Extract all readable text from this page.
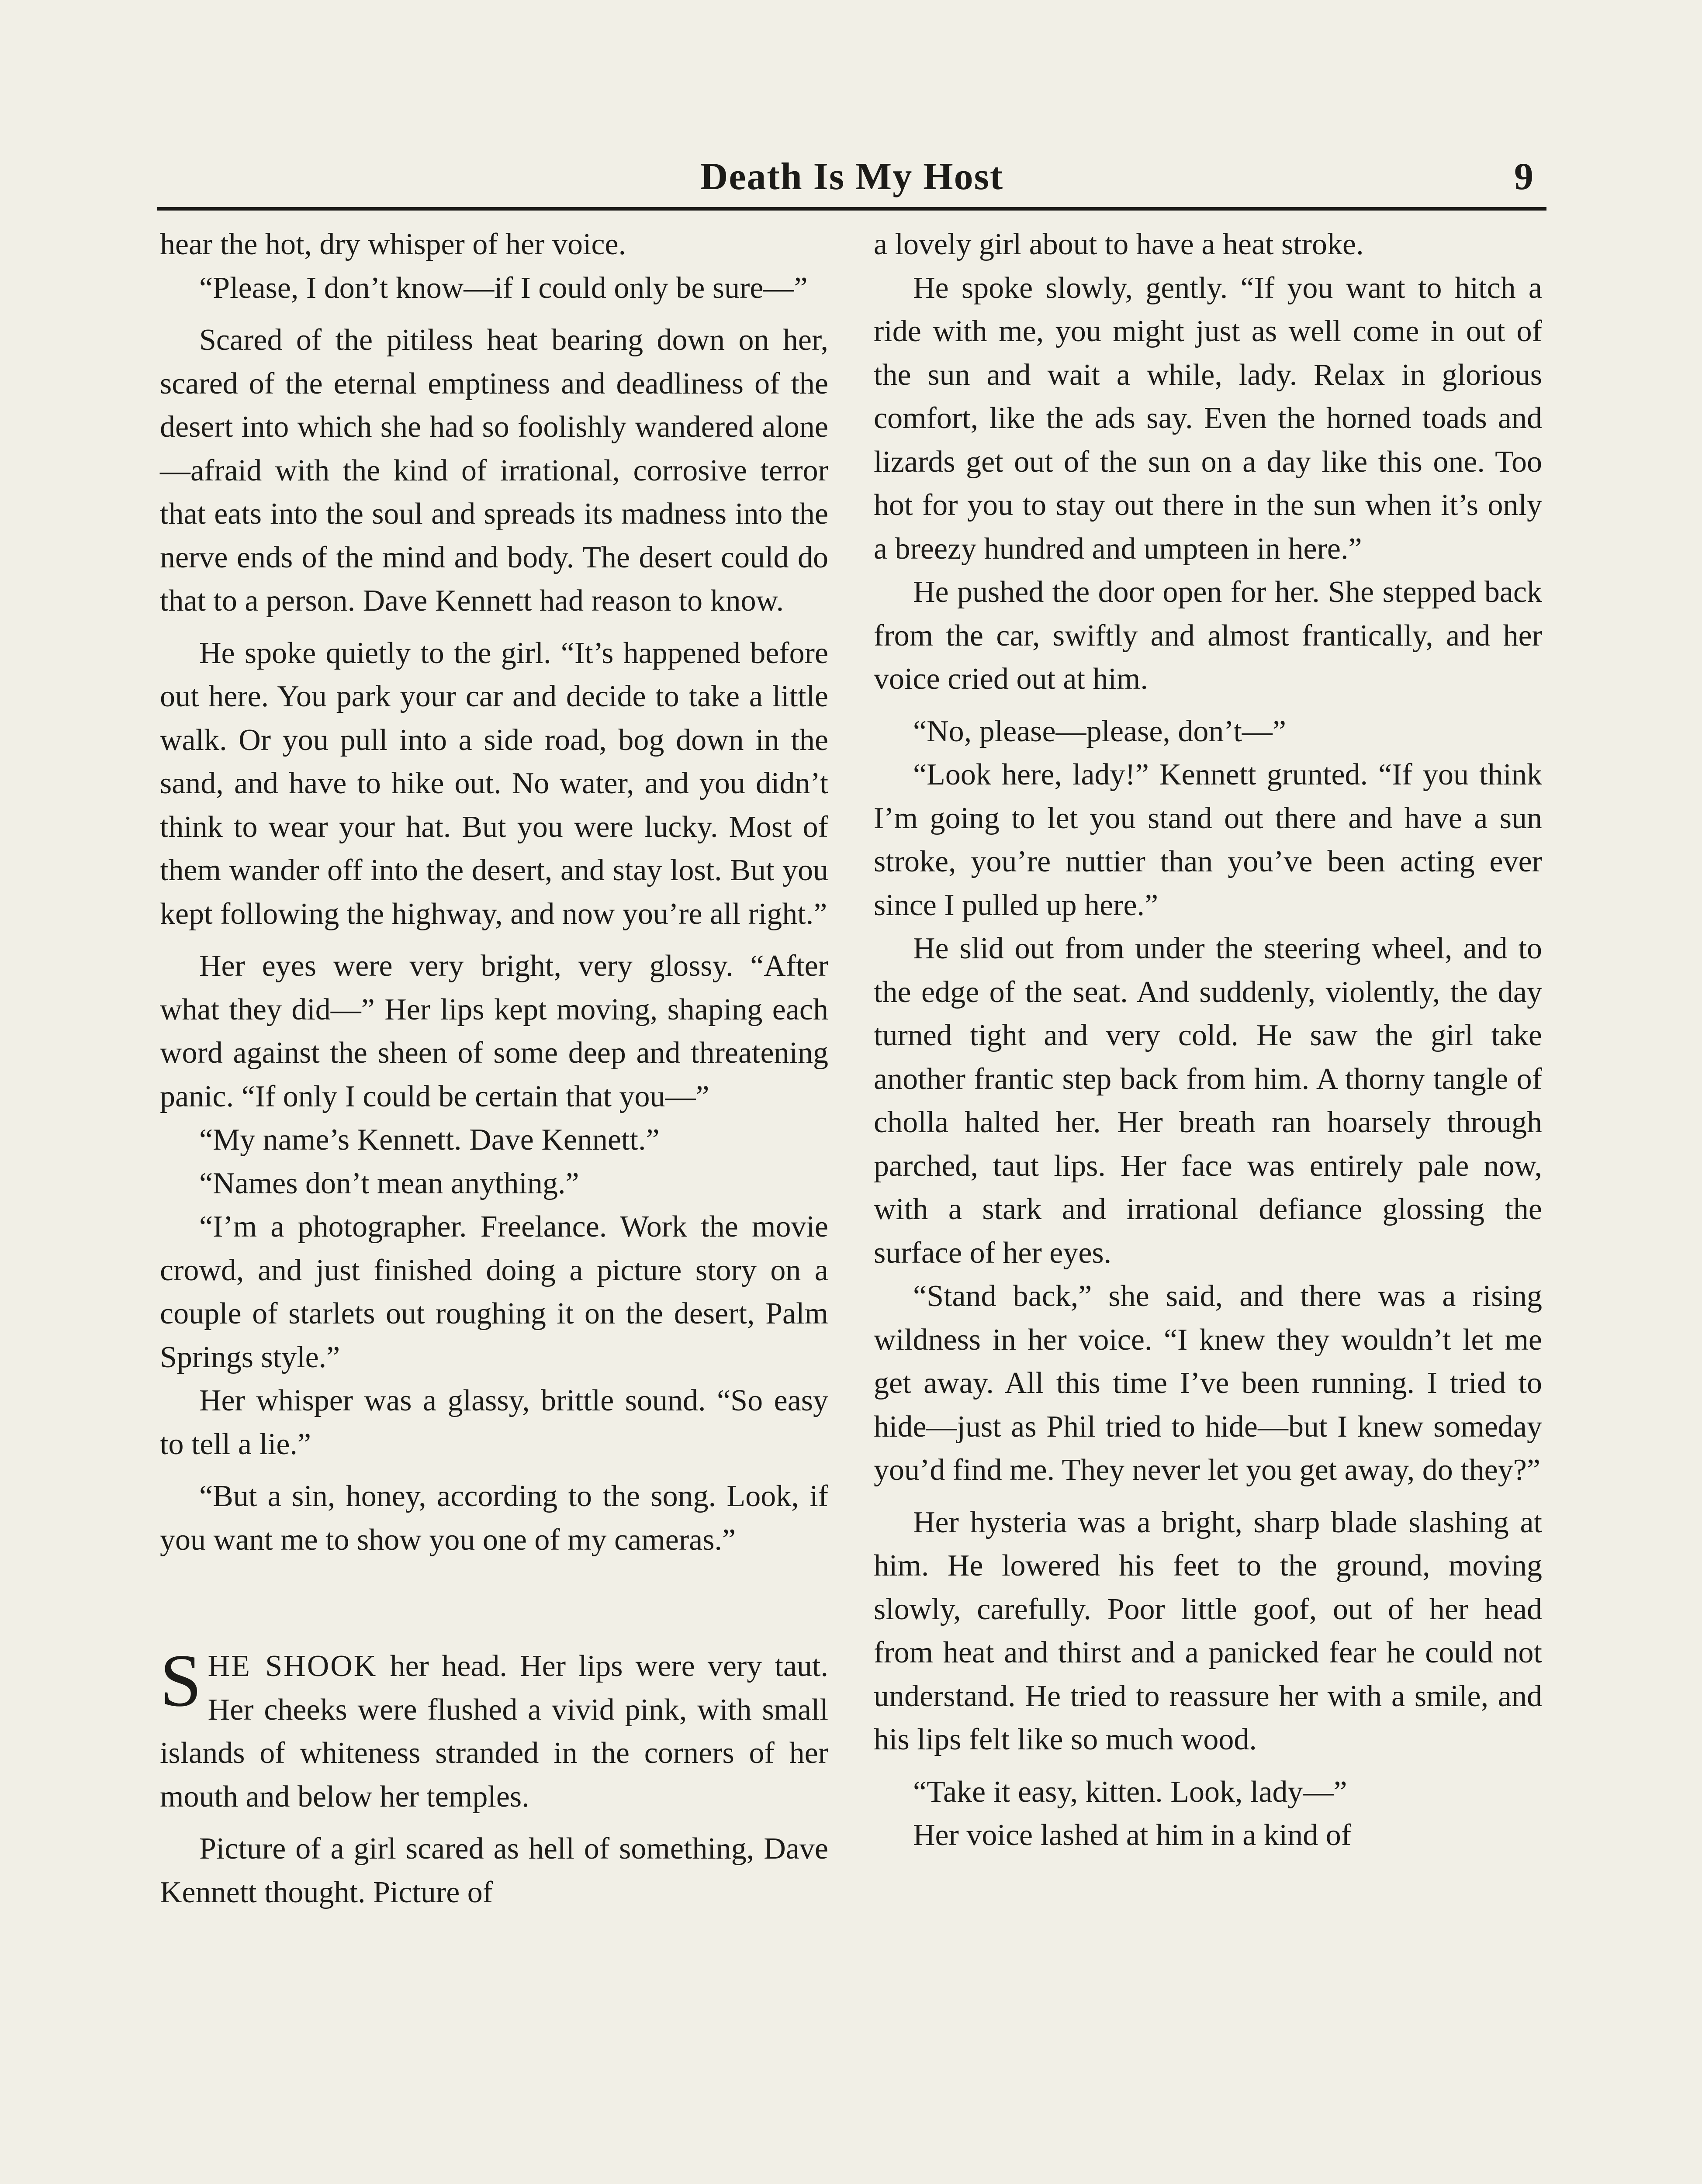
Death Is My Host	9

hear the hot, dry whisper of her voice.

“Please, I don’t know—if I could only be sure—”

Scared of the pitiless heat bearing down on her, scared of the eternal emptiness and deadliness of the desert into which she had so foolishly wandered alone—afraid with the kind of irrational, corrosive terror that eats into the soul and spreads its madness into the nerve ends of the mind and body. The desert could do that to a person. Dave Kennett had reason to know.

He spoke quietly to the girl. “It’s happened before out here. You park your car and decide to take a little walk. Or you pull into a side road, bog down in the sand, and have to hike out. No water, and you didn’t think to wear your hat. But you were lucky. Most of them wander off into the desert, and stay lost. But you kept following the highway, and now you’re all right.”

Her eyes were very bright, very glossy. “After what they did—” Her lips kept moving, shaping each word against the sheen of some deep and threatening panic. “If only I could be certain that you—”

“My name’s Kennett. Dave Kennett.”

“Names don’t mean anything.”

“I’m a photographer. Freelance. Work the movie crowd, and just finished doing a picture story on a couple of starlets out roughing it on the desert, Palm Springs style.”

Her whisper was a glassy, brittle sound. “So easy to tell a lie.”

“But a sin, honey, according to the song. Look, if you want me to show you one of my cameras.”

SHE SHOOK her head. Her lips were very taut. Her cheeks were flushed a vivid pink, with small islands of whiteness stranded in the corners of her mouth and below her temples.

Picture of a girl scared as hell of something, Dave Kennett thought. Picture of

a lovely girl about to have a heat stroke.

He spoke slowly, gently. “If you want to hitch a ride with me, you might just as well come in out of the sun and wait a while, lady. Relax in glorious comfort, like the ads say. Even the horned toads and lizards get out of the sun on a day like this one. Too hot for you to stay out there in the sun when it’s only a breezy hundred and umpteen in here.”

He pushed the door open for her. She stepped back from the car, swiftly and almost frantically, and her voice cried out at him.

“No, please—please, don’t—”

“Look here, lady!” Kennett grunted. “If you think I’m going to let you stand out there and have a sun stroke, you’re nuttier than you’ve been acting ever since I pulled up here.”

He slid out from under the steering wheel, and to the edge of the seat. And suddenly, violently, the day turned tight and very cold. He saw the girl take another frantic step back from him. A thorny tangle of cholla halted her. Her breath ran hoarsely through parched, taut lips. Her face was entirely pale now, with a stark and irrational defiance glossing the surface of her eyes.

“Stand back,” she said, and there was a rising wildness in her voice. “I knew they wouldn’t let me get away. All this time I’ve been running. I tried to hide—just as Phil tried to hide—but I knew someday you’d find me. They never let you get away, do they?”

Her hysteria was a bright, sharp blade slashing at him. He lowered his feet to the ground, moving slowly, carefully. Poor little goof, out of her head from heat and thirst and a panicked fear he could not understand. He tried to reassure her with a smile, and his lips felt like so much wood.

“Take it easy, kitten. Look, lady—”

Her voice lashed at him in a kind of
